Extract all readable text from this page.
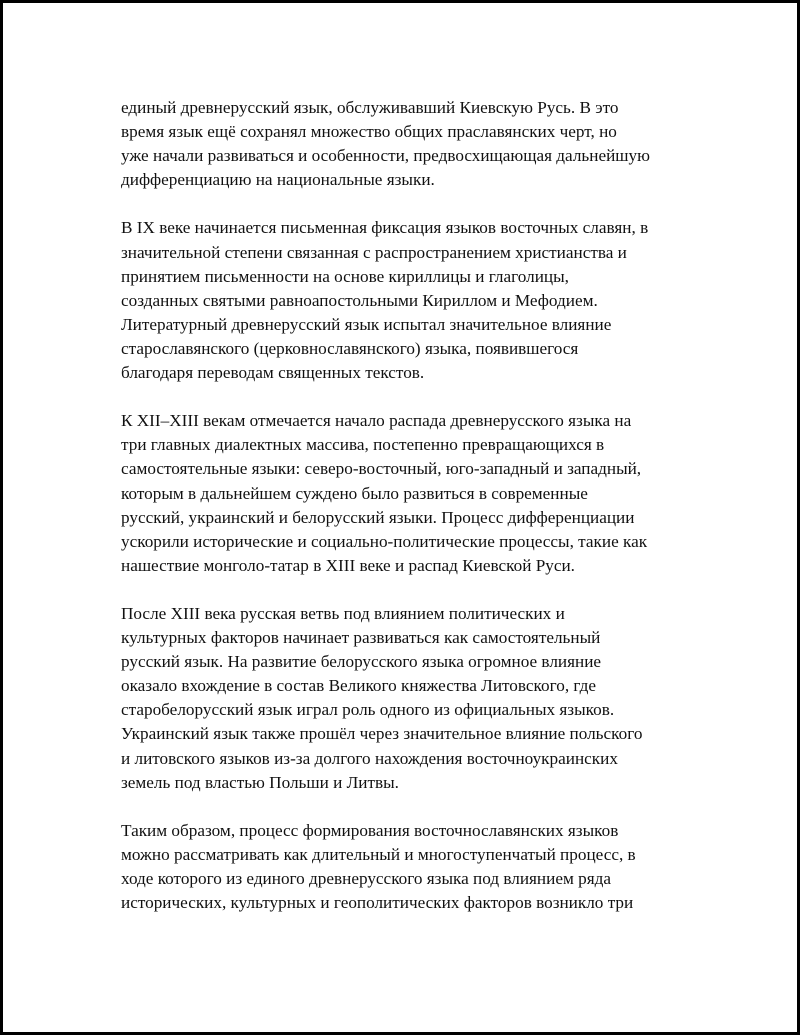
единый древнерусский язык, обслуживавший Киевскую Русь. В это
время язык ещё сохранял множество общих праславянских черт, но
уже начали развиваться и особенности, предвосхищающая дальнейшую
дифференциацию на национальные языки.

В IX веке начинается письменная фиксация языков восточных славян, в
значительной степени связанная с распространением христианства и
принятием письменности на основе кириллицы и глаголицы,
созданных святыми равноапостольными Кириллом и Мефодием.
Литературный древнерусский язык испытал значительное влияние
старославянского (церковнославянского) языка, появившегося
благодаря переводам священных текстов.

К XII–XIII векам отмечается начало распада древнерусского языка на
три главных диалектных массива, постепенно превращающихся в
самостоятельные языки: северо-восточный, юго-западный и западный,
которым в дальнейшем суждено было развиться в современные
русский, украинский и белорусский языки. Процесс дифференциации
ускорили исторические и социально-политические процессы, такие как
нашествие монголо-татар в XIII веке и распад Киевской Руси.

После XIII века русская ветвь под влиянием политических и
культурных факторов начинает развиваться как самостоятельный
русский язык. На развитие белорусского языка огромное влияние
оказало вхождение в состав Великого княжества Литовского, где
старобелорусский язык играл роль одного из официальных языков.
Украинский язык также прошёл через значительное влияние польского
и литовского языков из-за долгого нахождения восточноукраинских
земель под властью Польши и Литвы.

Таким образом, процесс формирования восточнославянских языков
можно рассматривать как длительный и многоступенчатый процесс, в
ходе которого из единого древнерусского языка под влиянием ряда
исторических, культурных и геополитических факторов возникло три
